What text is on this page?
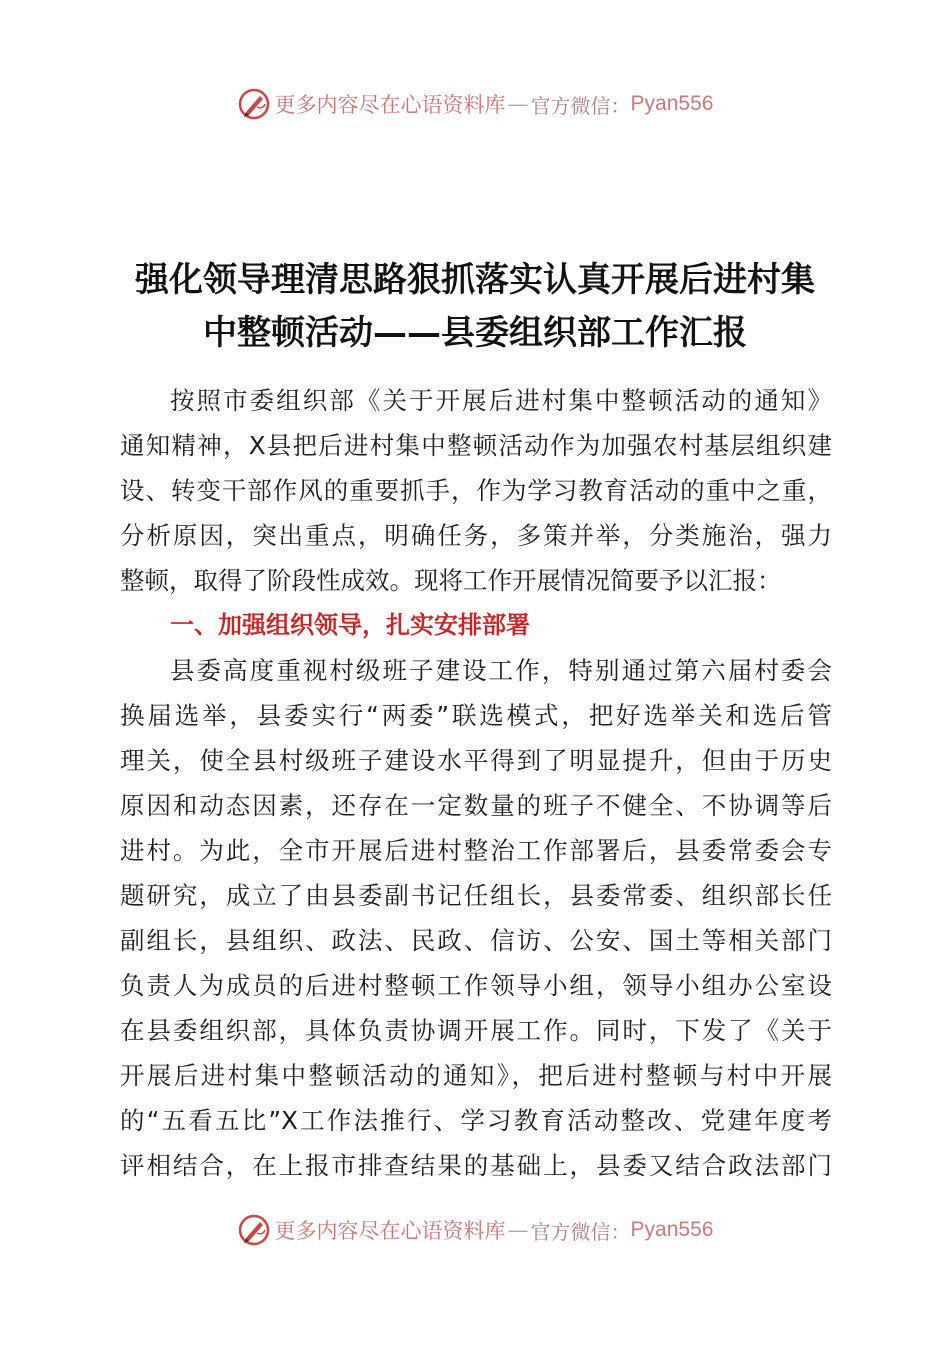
更多内容尽在心语资料库 — 官方微信： Pyan556
强化领导理清思路狠抓落实认真开展后进村集
中整顿活动——县委组织部工作汇报
按照市委组织部《关于开展后进村集中整顿活动的通知》
通知精神，X县把后进村集中整顿活动作为加强农村基层组织建
设、转变干部作风的重要抓手，作为学习教育活动的重中之重，
分析原因，突出重点，明确任务，多策并举，分类施治，强力
整顿，取得了阶段性成效。现将工作开展情况简要予以汇报：
一、加强组织领导，扎实安排部署
县委高度重视村级班子建设工作，特别通过第六届村委会
换届选举，县委实行“两委”联选模式，把好选举关和选后管
理关，使全县村级班子建设水平得到了明显提升，但由于历史
原因和动态因素，还存在一定数量的班子不健全、不协调等后
进村。为此，全市开展后进村整治工作部署后，县委常委会专
题研究，成立了由县委副书记任组长，县委常委、组织部长任
副组长，县组织、政法、民政、信访、公安、国土等相关部门
负责人为成员的后进村整顿工作领导小组，领导小组办公室设
在县委组织部，具体负责协调开展工作。同时，下发了《关于
开展后进村集中整顿活动的通知》，把后进村整顿与村中开展
的“五看五比”X工作法推行、学习教育活动整改、党建年度考
评相结合，在上报市排查结果的基础上，县委又结合政法部门
更多内容尽在心语资料库 — 官方微信： Pyan556
